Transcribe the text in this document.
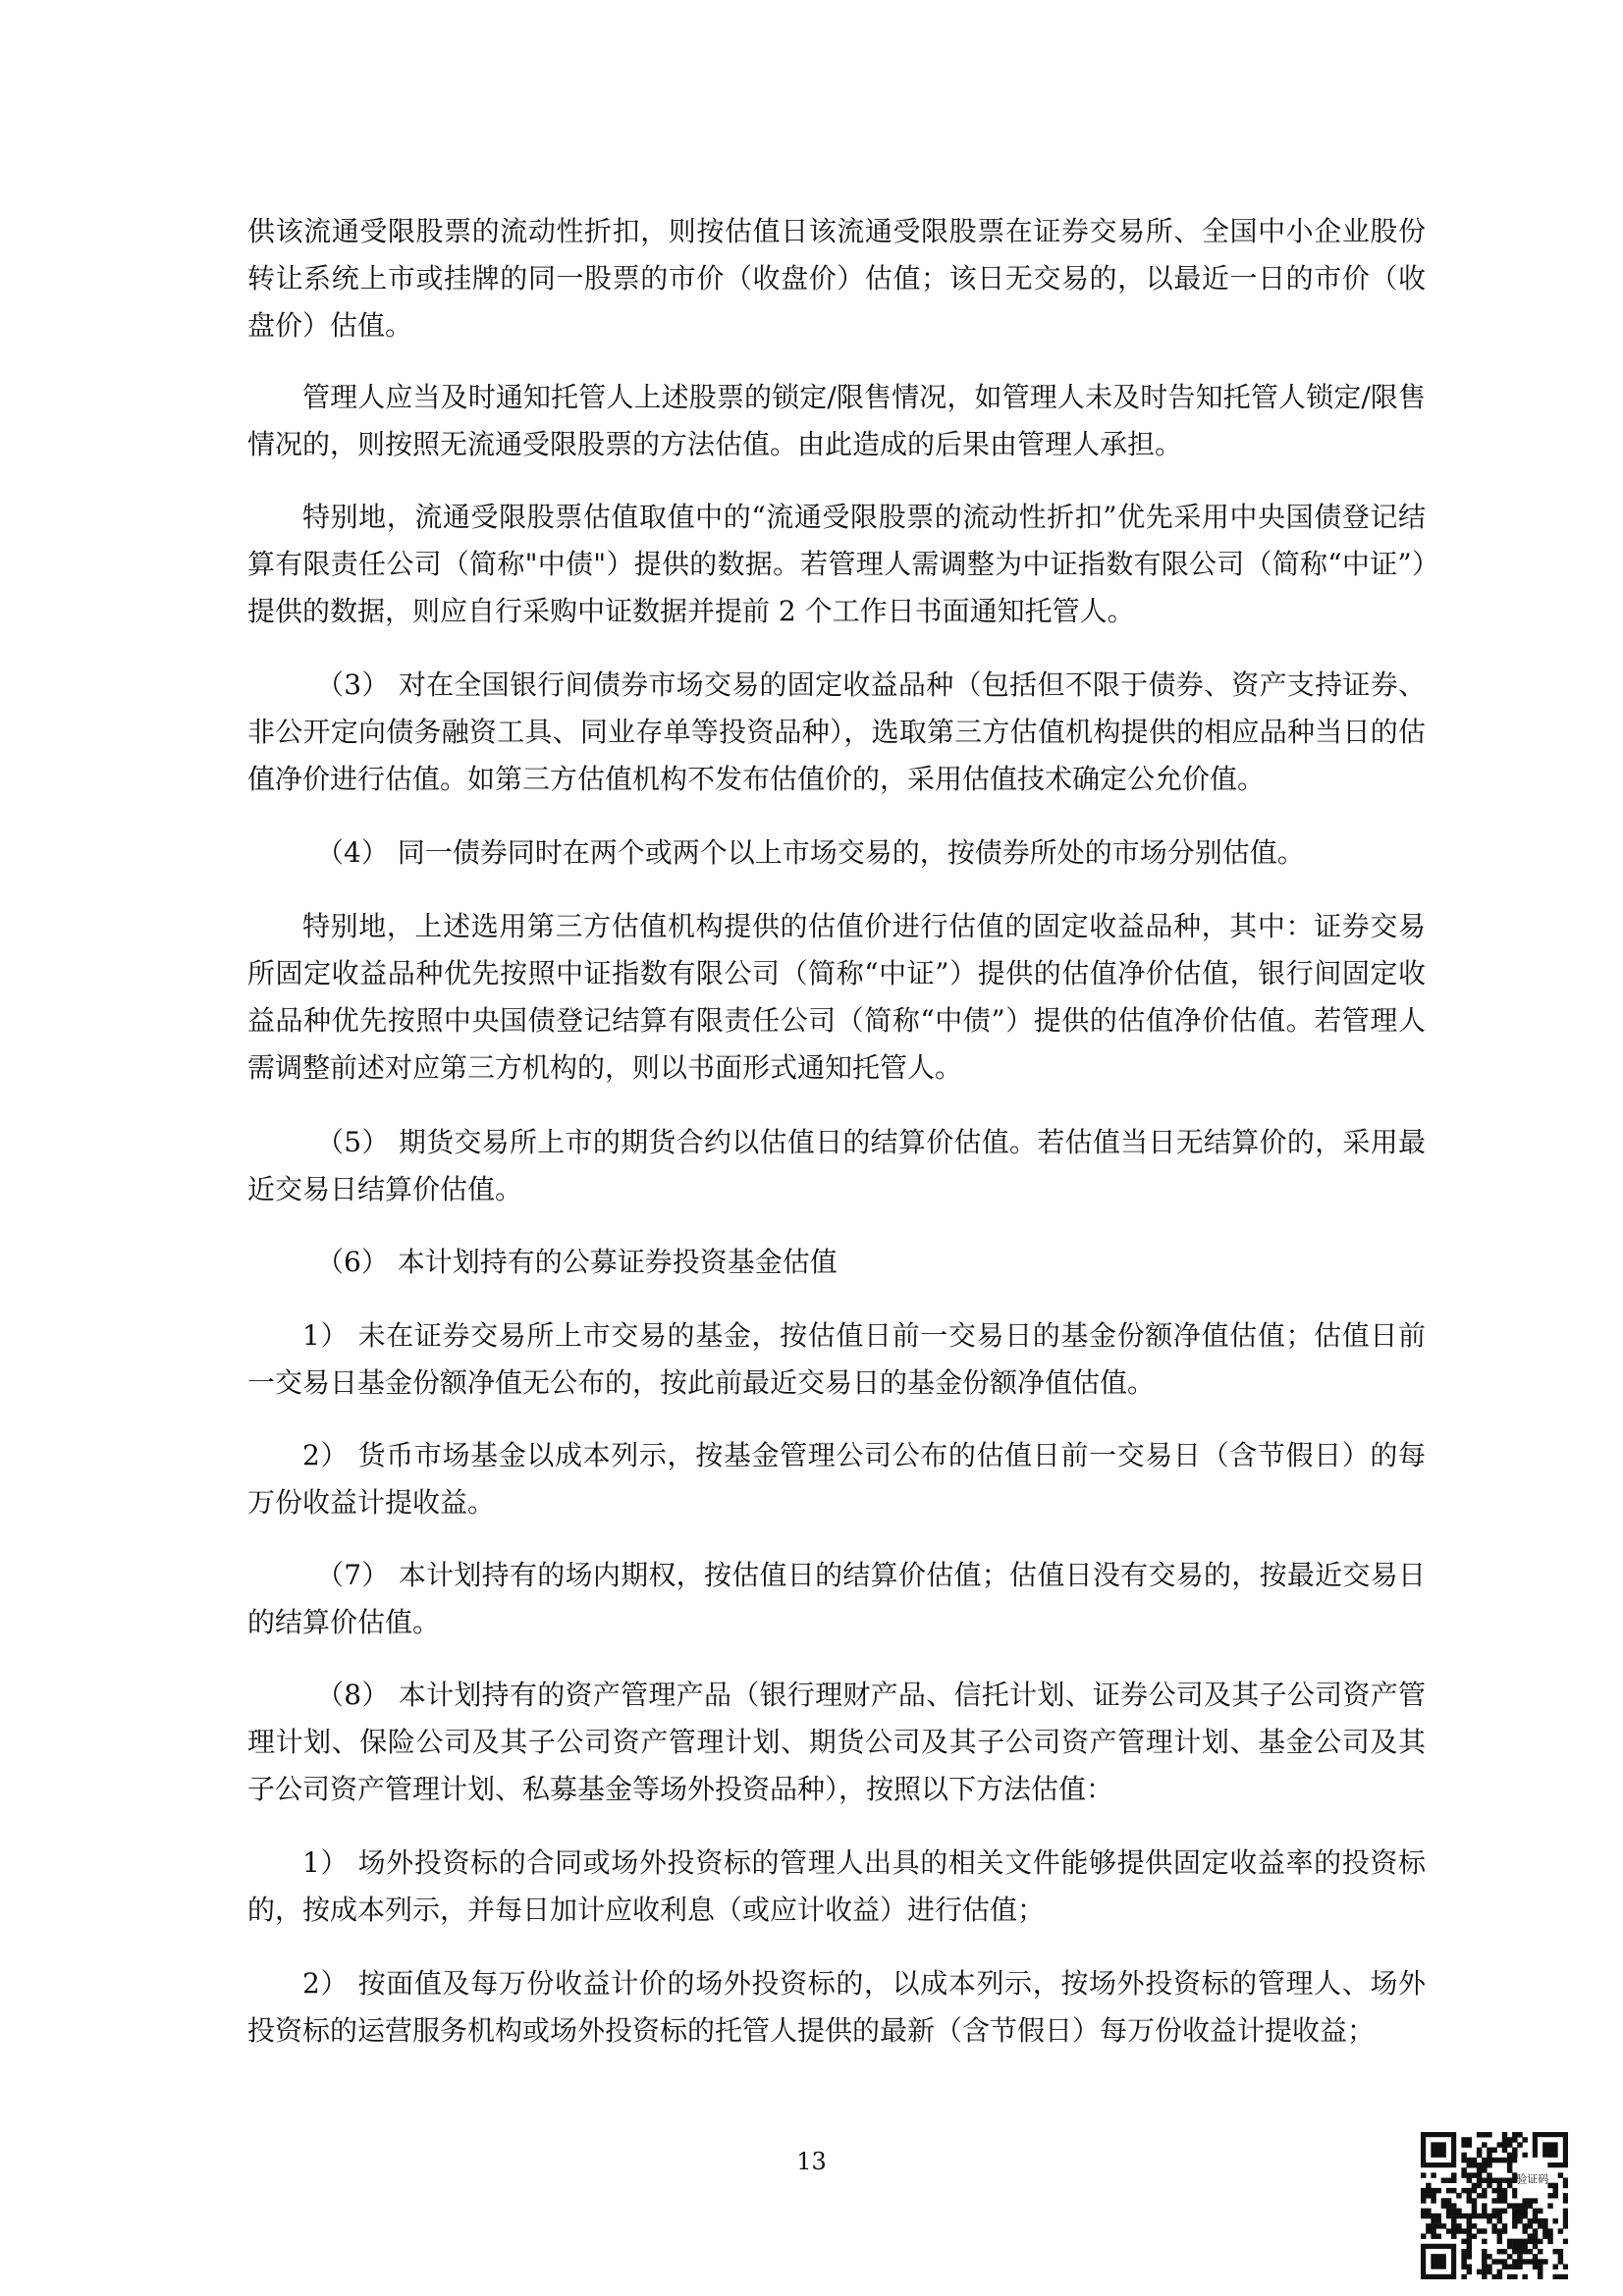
供该流通受限股票的流动性折扣，则按估值日该流通受限股票在证券交易所、全国中小企业股份转让系统上市或挂牌的同一股票的市价（收盘价）估值；该日无交易的，以最近一日的市价（收盘价）估值。

管理人应当及时通知托管人上述股票的锁定/限售情况，如管理人未及时告知托管人锁定/限售情况的，则按照无流通受限股票的方法估值。由此造成的后果由管理人承担。

特别地，流通受限股票估值取值中的“流通受限股票的流动性折扣”优先采用中央国债登记结算有限责任公司（简称"中债"）提供的数据。若管理人需调整为中证指数有限公司（简称“中证”）提供的数据，则应自行采购中证数据并提前 2 个工作日书面通知托管人。

（3） 对在全国银行间债券市场交易的固定收益品种（包括但不限于债券、资产支持证券、非公开定向债务融资工具、同业存单等投资品种），选取第三方估值机构提供的相应品种当日的估值净价进行估值。如第三方估值机构不发布估值价的，采用估值技术确定公允价值。

（4） 同一债券同时在两个或两个以上市场交易的，按债券所处的市场分别估值。

特别地，上述选用第三方估值机构提供的估值价进行估值的固定收益品种，其中：证券交易所固定收益品种优先按照中证指数有限公司（简称“中证”）提供的估值净价估值，银行间固定收益品种优先按照中央国债登记结算有限责任公司（简称“中债”）提供的估值净价估值。若管理人需调整前述对应第三方机构的，则以书面形式通知托管人。

（5） 期货交易所上市的期货合约以估值日的结算价估值。若估值当日无结算价的，采用最近交易日结算价估值。

（6） 本计划持有的公募证券投资基金估值

1） 未在证券交易所上市交易的基金，按估值日前一交易日的基金份额净值估值；估值日前一交易日基金份额净值无公布的，按此前最近交易日的基金份额净值估值。

2） 货币市场基金以成本列示，按基金管理公司公布的估值日前一交易日（含节假日）的每万份收益计提收益。

（7） 本计划持有的场内期权，按估值日的结算价估值；估值日没有交易的，按最近交易日的结算价估值。

（8） 本计划持有的资产管理产品（银行理财产品、信托计划、证券公司及其子公司资产管理计划、保险公司及其子公司资产管理计划、期货公司及其子公司资产管理计划、基金公司及其子公司资产管理计划、私募基金等场外投资品种），按照以下方法估值：

1） 场外投资标的合同或场外投资标的管理人出具的相关文件能够提供固定收益率的投资标的，按成本列示，并每日加计应收利息（或应计收益）进行估值；

2） 按面值及每万份收益计价的场外投资标的，以成本列示，按场外投资标的管理人、场外投资标的运营服务机构或场外投资标的托管人提供的最新（含节假日）每万份收益计提收益；

13
验证码
